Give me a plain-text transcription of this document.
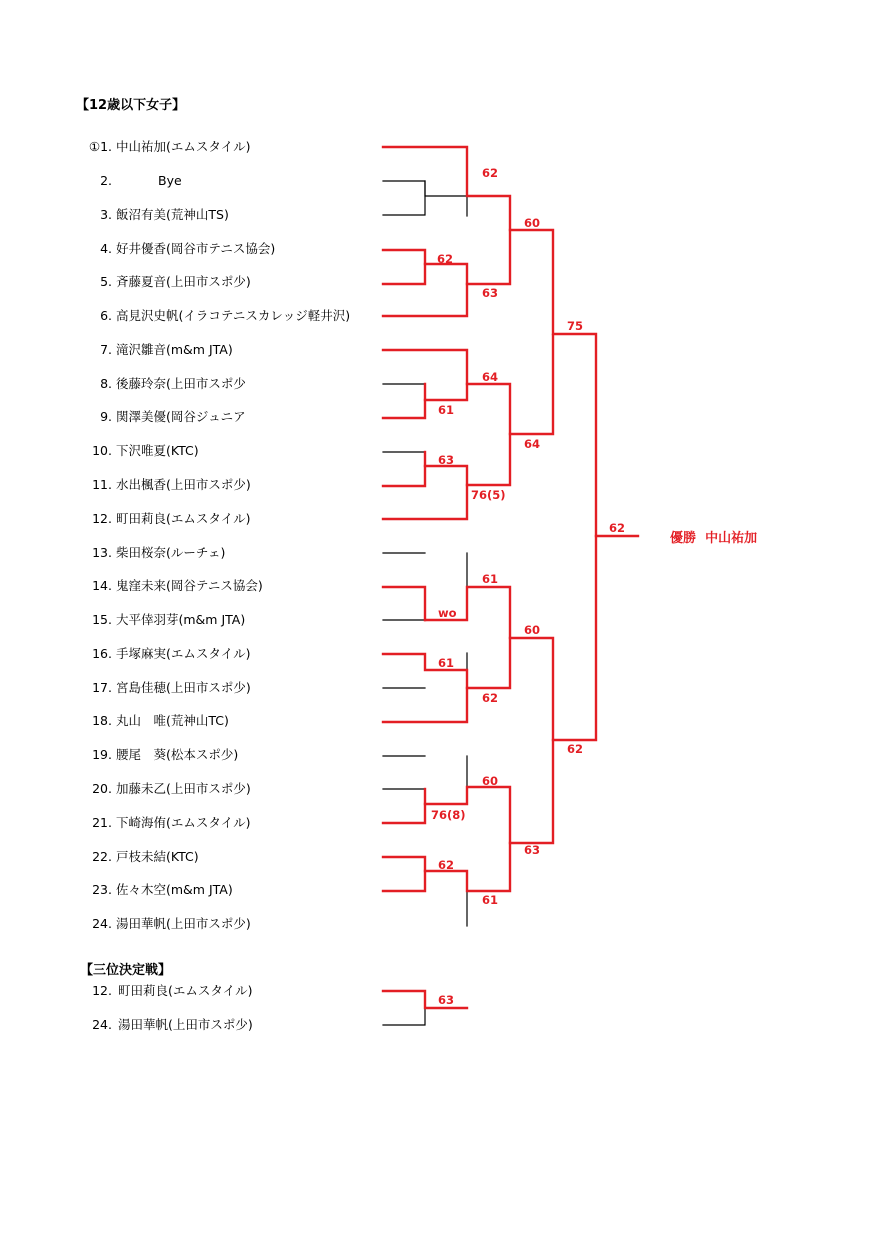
【12歳以下女子】
①1. 中山祐加(エムスタイル)
2.	Bye
3. 飯沼有美(荒神山TS)
4. 好井優香(岡谷市テニス協会)
5. 斉藤夏音(上田市スポ少)
6. 高見沢史帆(イラコテニスカレッジ軽井沢)
7. 滝沢雛音(m&m JTA)
8. 後藤玲奈(上田市スポ少
9. 関澤美優(岡谷ジュニア
10. 下沢唯夏(KTC)
11. 水出楓香(上田市スポ少)
12. 町田莉良(エムスタイル)
13. 柴田桜奈(ルーチェ)
14. 鬼窪未来(岡谷テニス協会)
15. 大平倖羽芽(m&m JTA)
16. 手塚麻実(エムスタイル)
17. 宮島佳穂(上田市スポ少)
18. 丸山　唯(荒神山TC)
19. 腰尾　葵(松本スポ少)
20. 加藤未乙(上田市スポ少)
21. 下崎海侑(エムスタイル)
22. 戸枝未結(KTC)
23. 佐々木空(m&m JTA)
24. 湯田華帆(上田市スポ少)
62
62
63
60
75
64
61
64
63
76(5)
62
61
wo
60
61
62
62
60
76(8)
63
62
61
優勝 中山祐加
【三位決定戦】
12. 町田莉良(エムスタイル)
24. 湯田華帆(上田市スポ少)
63
